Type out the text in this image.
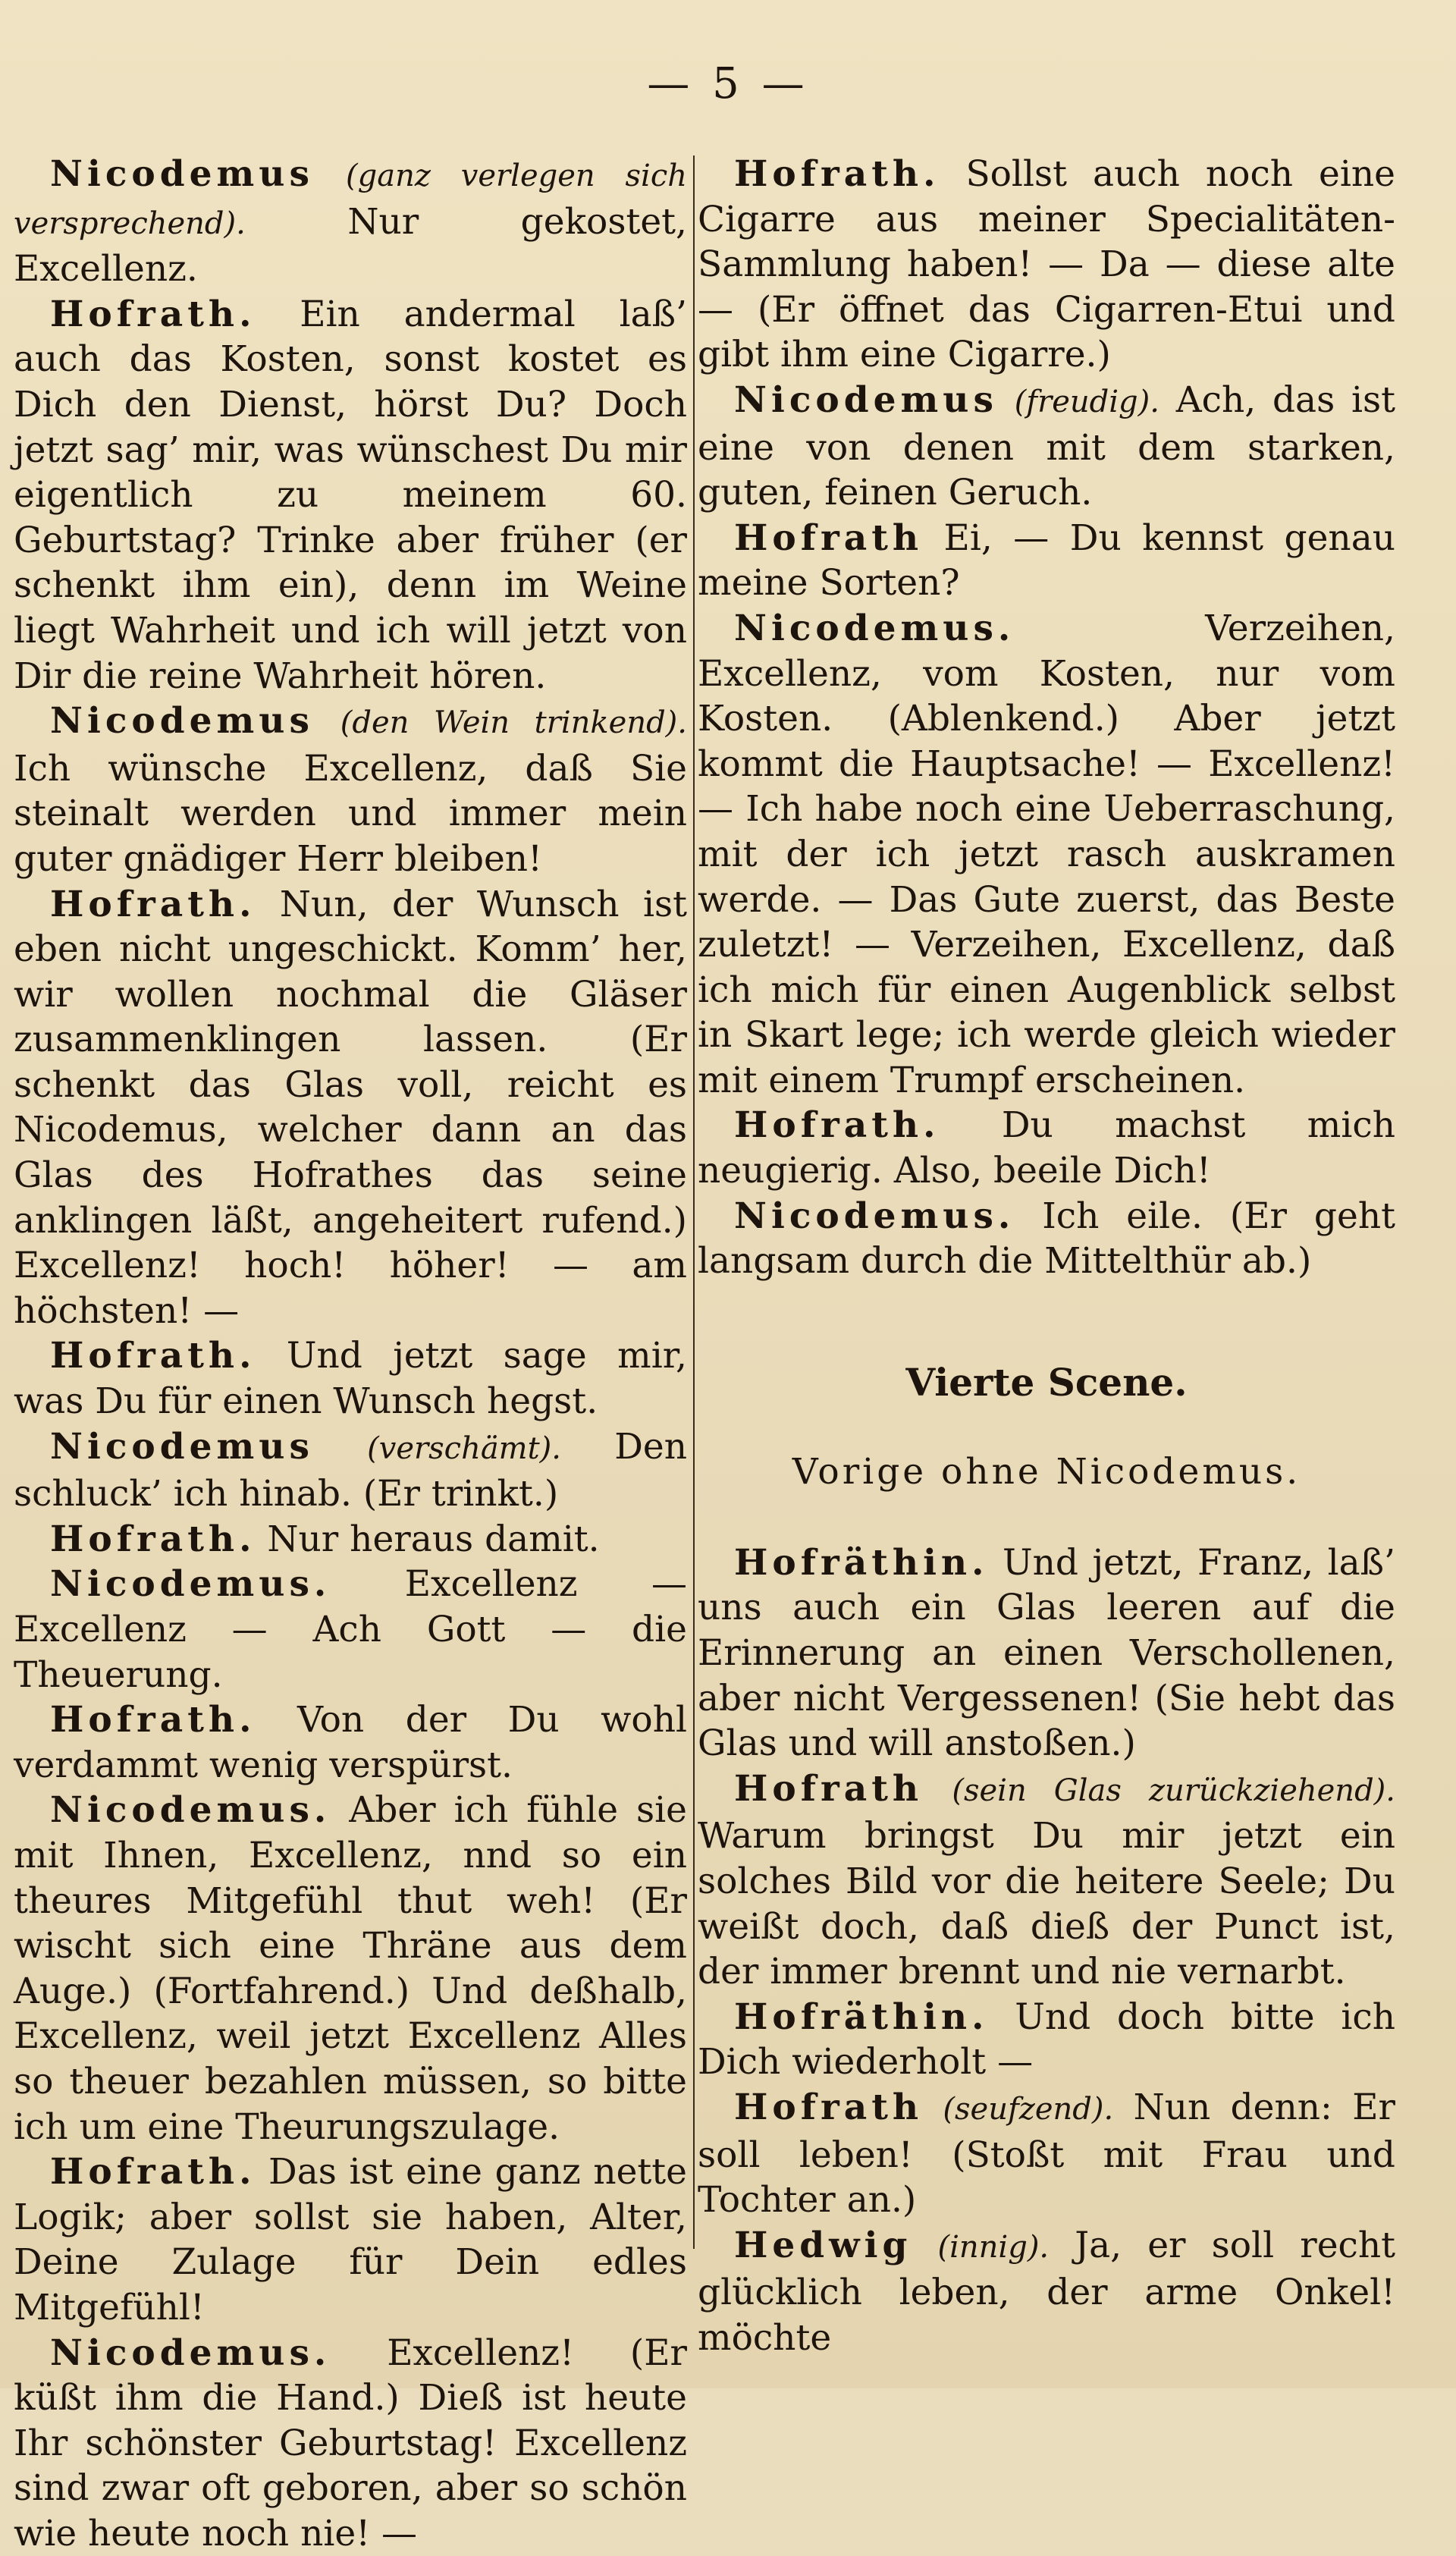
— 5 —

Nicodemus (ganz verlegen sich versprechend). Nur gekostet, Excellenz.

Hofrath. Ein andermal laß’ auch das Kosten, sonst kostet es Dich den Dienst, hörst Du? Doch jetzt sag’ mir, was wünschest Du mir eigentlich zu meinem 60. Geburtstag? Trinke aber früher (er schenkt ihm ein), denn im Weine liegt Wahrheit und ich will jetzt von Dir die reine Wahrheit hören.

Nicodemus (den Wein trinkend). Ich wünsche Excellenz, daß Sie steinalt werden und immer mein guter gnädiger Herr bleiben!

Hofrath. Nun, der Wunsch ist eben nicht ungeschickt. Komm’ her, wir wollen nochmal die Gläser zusammenklingen lassen. (Er schenkt das Glas voll, reicht es Nicodemus, welcher dann an das Glas des Hofrathes das seine anklingen läßt, angeheitert rufend.) Excellenz! hoch! höher! — am höchsten! —

Hofrath. Und jetzt sage mir, was Du für einen Wunsch hegst.

Nicodemus (verschämt). Den schluck’ ich hinab. (Er trinkt.)

Hofrath. Nur heraus damit.

Nicodemus. Excellenz — Excellenz — Ach Gott — die Theuerung.

Hofrath. Von der Du wohl verdammt wenig verspürst.

Nicodemus. Aber ich fühle sie mit Ihnen, Excellenz, nnd so ein theures Mitgefühl thut weh! (Er wischt sich eine Thräne aus dem Auge.) (Fortfahrend.) Und deßhalb, Excellenz, weil jetzt Excellenz Alles so theuer bezahlen müssen, so bitte ich um eine Theurungszulage.

Hofrath. Das ist eine ganz nette Logik; aber sollst sie haben, Alter, Deine Zulage für Dein edles Mitgefühl!

Nicodemus. Excellenz! (Er küßt ihm die Hand.) Dieß ist heute Ihr schönster Geburtstag! Excellenz sind zwar oft geboren, aber so schön wie heute noch nie! —

Hofrath. Sollst auch noch eine Cigarre aus meiner Specialitäten-Sammlung haben! — Da — diese alte — (Er öffnet das Cigarren-Etui und gibt ihm eine Cigarre.)

Nicodemus (freudig). Ach, das ist eine von denen mit dem starken, guten, feinen Geruch.

Hofrath Ei, — Du kennst genau meine Sorten?

Nicodemus. Verzeihen, Excellenz, vom Kosten, nur vom Kosten. (Ablenkend.) Aber jetzt kommt die Hauptsache! — Excellenz! — Ich habe noch eine Ueberraschung, mit der ich jetzt rasch auskramen werde. — Das Gute zuerst, das Beste zuletzt! — Verzeihen, Excellenz, daß ich mich für einen Augenblick selbst in Skart lege; ich werde gleich wieder mit einem Trumpf erscheinen.

Hofrath. Du machst mich neugierig. Also, beeile Dich!

Nicodemus. Ich eile. (Er geht langsam durch die Mittelthür ab.)

Vierte Scene.
Vorige ohne Nicodemus.

Hofräthin. Und jetzt, Franz, laß’ uns auch ein Glas leeren auf die Erinnerung an einen Verschollenen, aber nicht Vergessenen! (Sie hebt das Glas und will anstoßen.)

Hofrath (sein Glas zurückziehend). Warum bringst Du mir jetzt ein solches Bild vor die heitere Seele; Du weißt doch, daß dieß der Punct ist, der immer brennt und nie vernarbt.

Hofräthin. Und doch bitte ich Dich wiederholt —

Hofrath (seufzend). Nun denn: Er soll leben! (Stoßt mit Frau und Tochter an.)

Hedwig (innig). Ja, er soll recht glücklich leben, der arme Onkel! möchte
